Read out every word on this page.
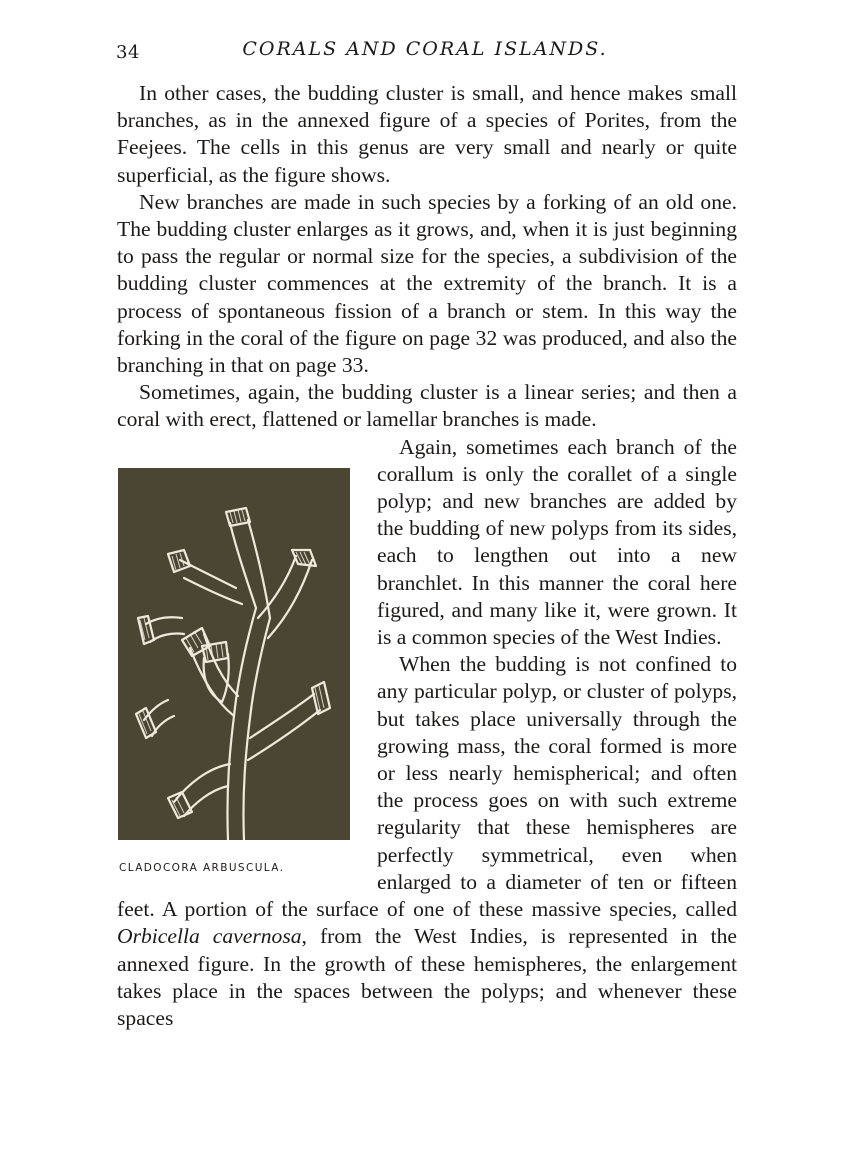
34	CORALS AND CORAL ISLANDS.

In other cases, the budding cluster is small, and hence makes small branches, as in the annexed figure of a species of Porites, from the Feejees. The cells in this genus are very small and nearly or quite superficial, as the figure shows.

New branches are made in such species by a forking of an old one. The budding cluster enlarges as it grows, and, when it is just beginning to pass the regular or normal size for the species, a subdivision of the budding cluster commences at the extremity of the branch. It is a process of spontaneous fission of a branch or stem. In this way the forking in the coral of the figure on page 32 was produced, and also the branching in that on page 33.

Sometimes, again, the budding cluster is a linear series; and then a coral with erect, flattened or lamellar branches is made.

CLADOCORA ARBUSCULA.

Again, sometimes each branch of the corallum is only the corallet of a single polyp; and new branches are added by the budding of new polyps from its sides, each to lengthen out into a new branchlet. In this manner the coral here figured, and many like it, were grown. It is a common species of the West Indies.

When the budding is not confined to any particular polyp, or cluster of polyps, but takes place universally through the growing mass, the coral formed is more or less nearly hemispherical; and often the process goes on with such extreme regularity that these hemispheres are perfectly symmetrical, even when enlarged to a diameter of ten or fifteen feet. A portion of the surface of one of these massive species, called Orbicella cavernosa, from the West Indies, is represented in the annexed figure. In the growth of these hemispheres, the enlargement takes place in the spaces between the polyps; and whenever these spaces
